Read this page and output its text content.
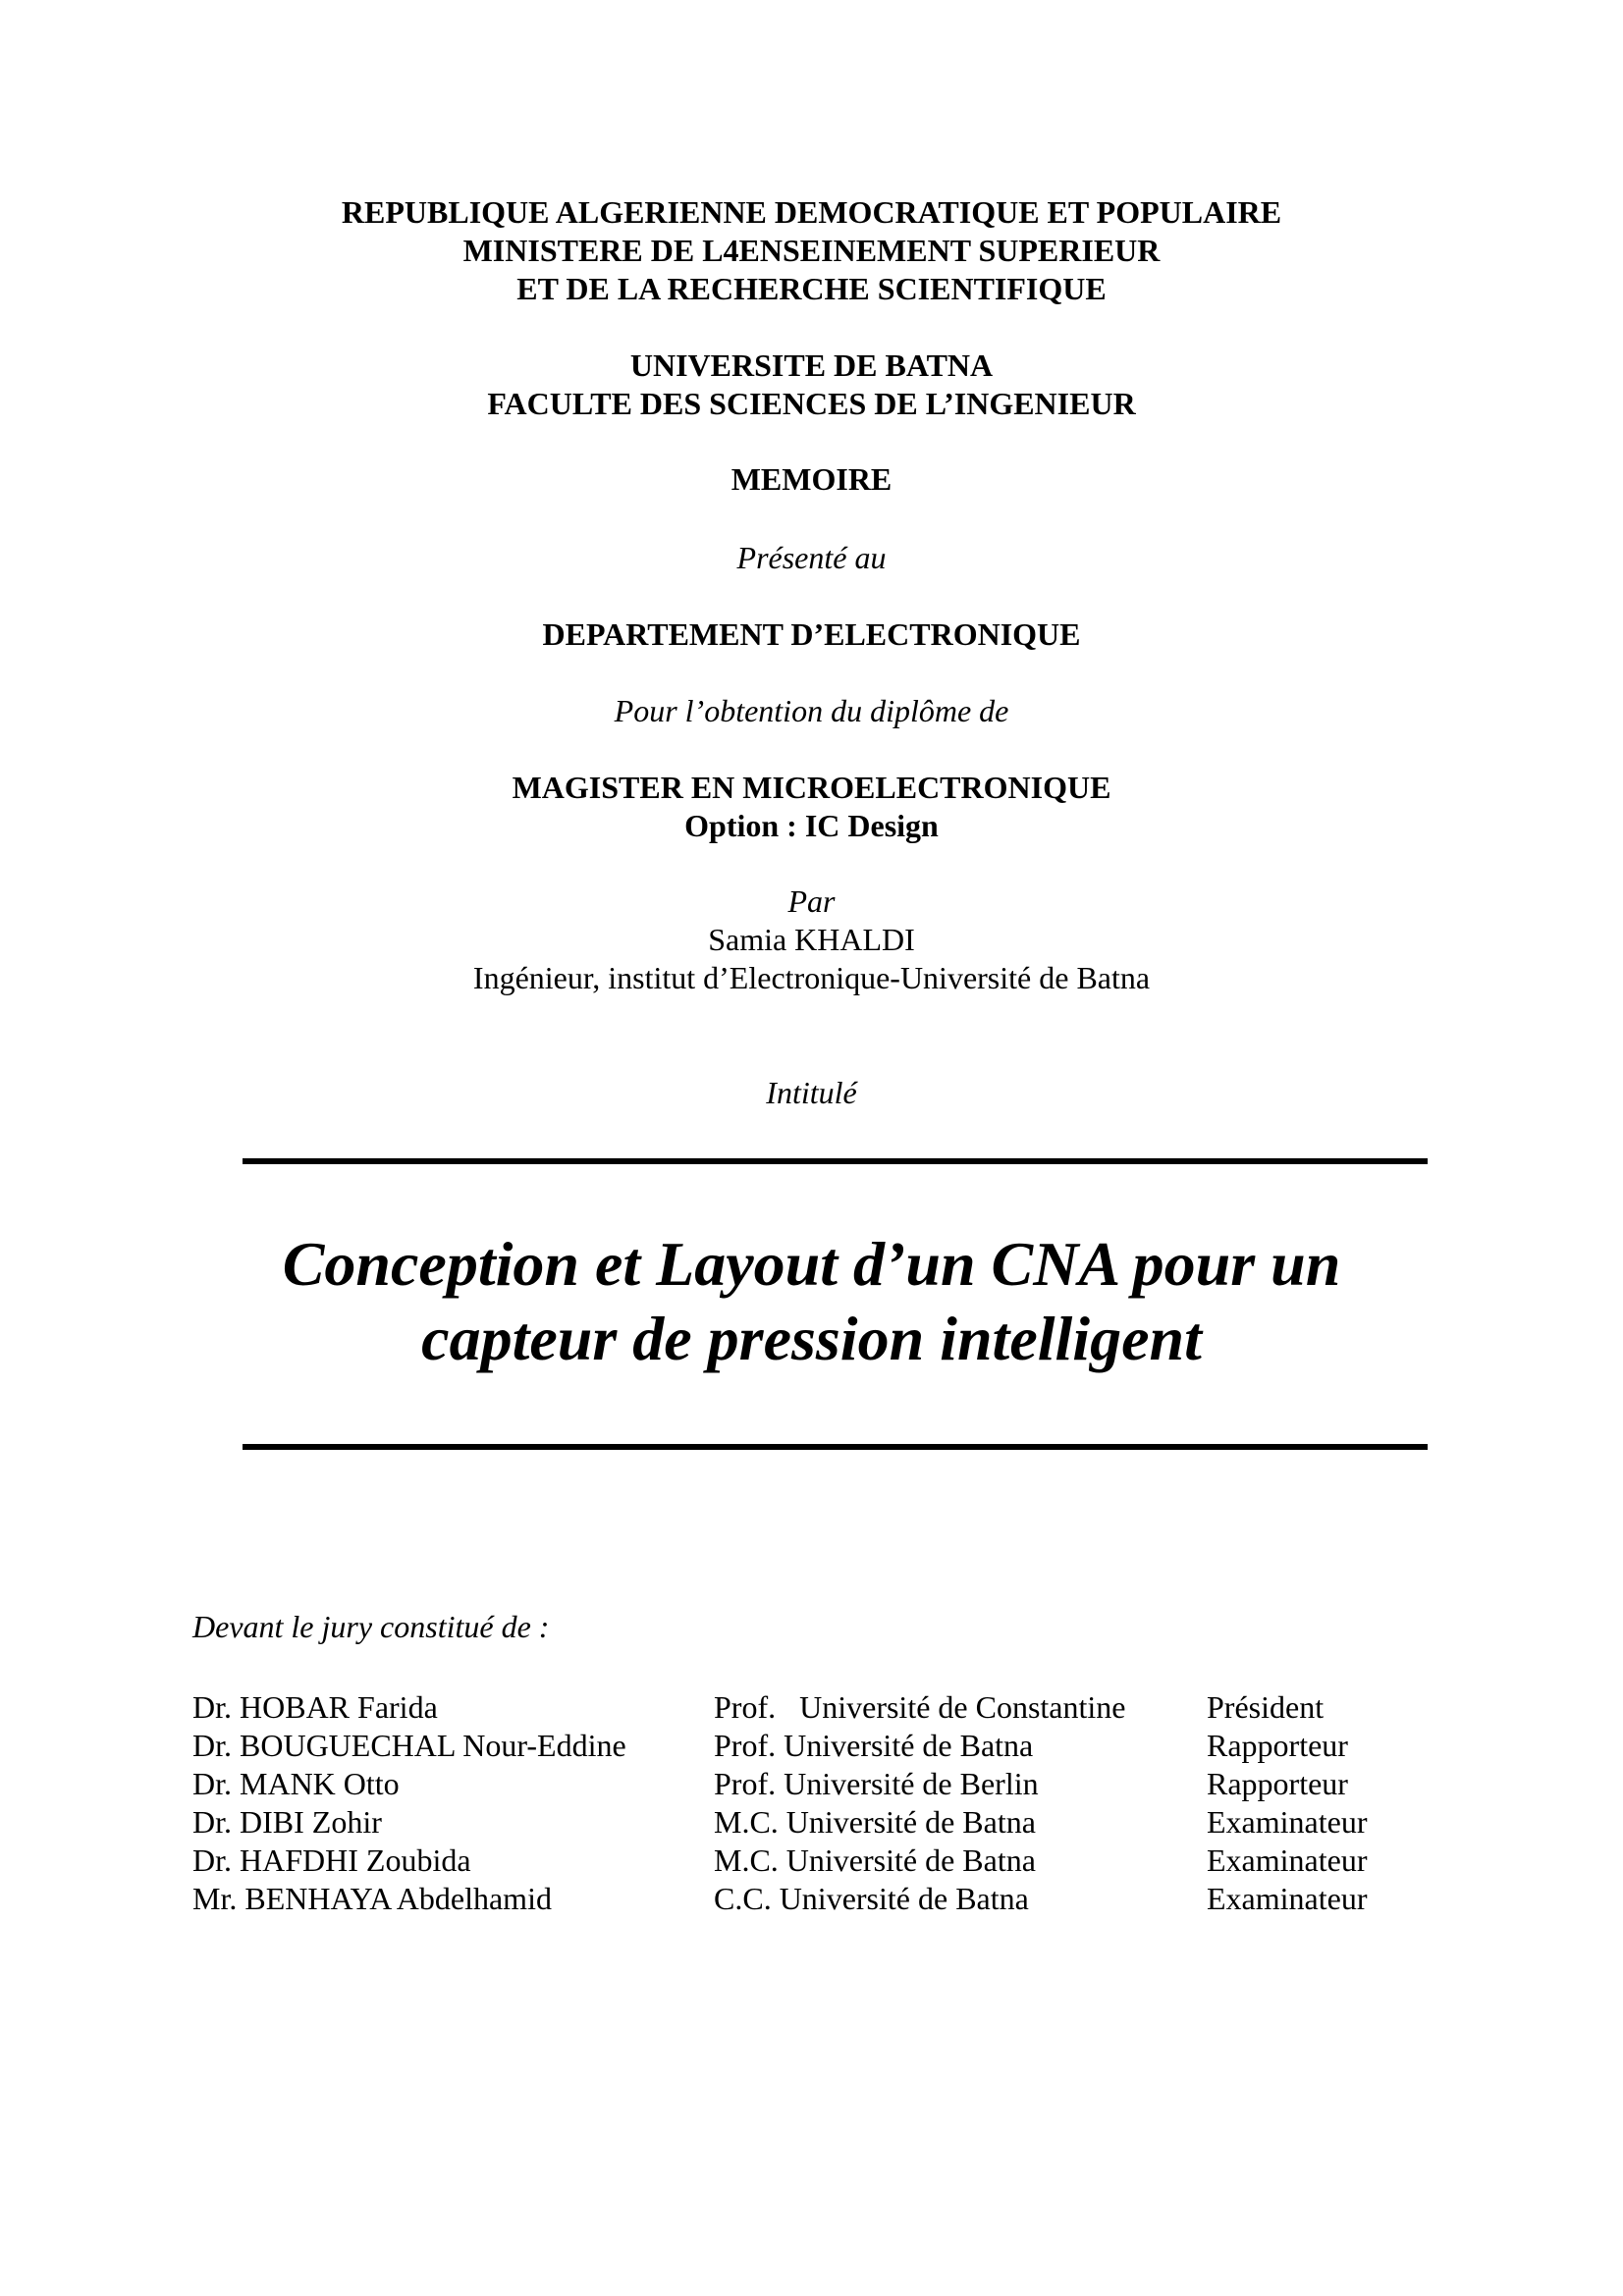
REPUBLIQUE ALGERIENNE DEMOCRATIQUE ET POPULAIRE
MINISTERE DE L4ENSEINEMENT SUPERIEUR
ET DE LA RECHERCHE SCIENTIFIQUE
UNIVERSITE DE BATNA
FACULTE DES SCIENCES DE L’INGENIEUR
MEMOIRE
Présenté au
DEPARTEMENT D’ELECTRONIQUE
Pour l’obtention du diplôme de
MAGISTER EN MICROELECTRONIQUE
Option : IC Design
Par
Samia KHALDI
Ingénieur, institut d’Electronique-Université de Batna
Intitulé
Conception et Layout d’un CNA pour un
capteur de pression intelligent
Devant le jury constitué de :
Dr. HOBAR Farida	Prof.   Université de Constantine	Président
Dr. BOUGUECHAL Nour-Eddine	Prof. Université de Batna	Rapporteur
Dr. MANK Otto	Prof. Université de Berlin	Rapporteur
Dr. DIBI Zohir	M.C. Université de Batna	Examinateur
Dr. HAFDHI Zoubida	M.C. Université de Batna	Examinateur
Mr. BENHAYA Abdelhamid	C.C. Université de Batna	Examinateur
